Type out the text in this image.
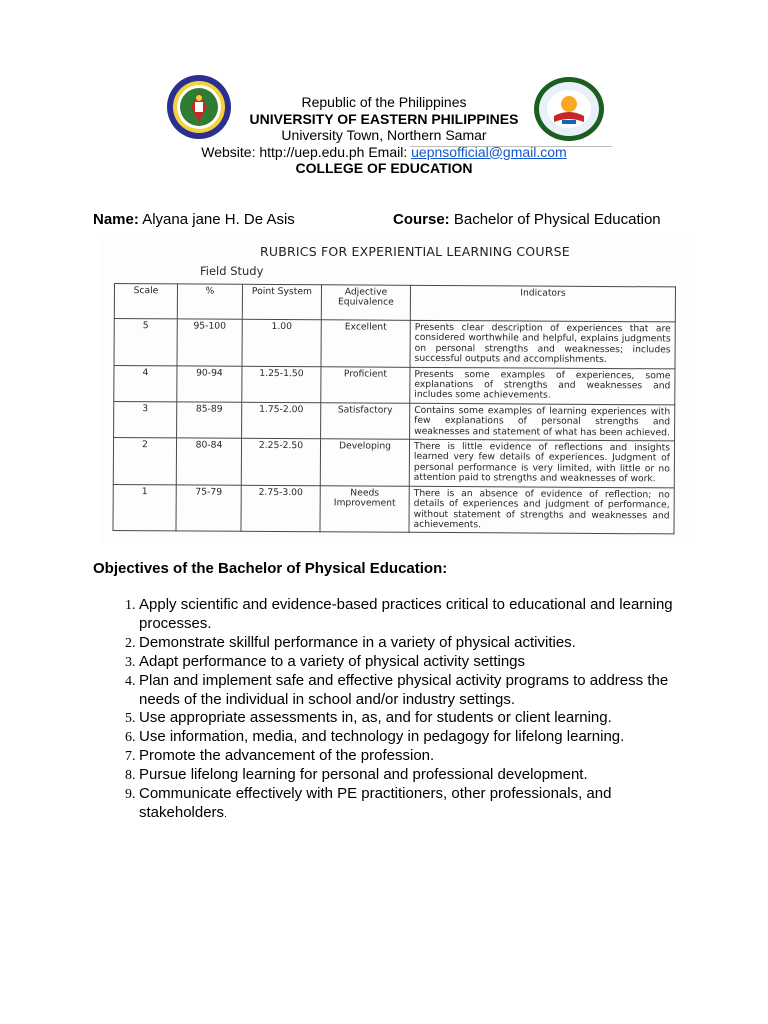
Republic of the Philippines
UNIVERSITY OF EASTERN PHILIPPINES
University Town, Northern Samar
Website: http://uep.edu.ph Email: uepnsofficial@gmail.com
COLLEGE OF EDUCATION
Name: Alyana jane H. De Asis	Course: Bachelor of Physical Education
RUBRICS FOR EXPERIENTIAL LEARNING COURSE
Field Study
Scale	%	Point System	Adjective Equivalence	Indicators
5	95-100	1.00	Excellent	Presents clear description of experiences that are considered worthwhile and helpful, explains judgments on personal strengths and weaknesses; includes successful outputs and accomplishments.
4	90-94	1.25-1.50	Proficient	Presents some examples of experiences, some explanations of strengths and weaknesses and includes some achievements.
3	85-89	1.75-2.00	Satisfactory	Contains some examples of learning experiences with few explanations of personal strengths and weaknesses and statement of what has been achieved.
2	80-84	2.25-2.50	Developing	There is little evidence of reflections and insights learned very few details of experiences. Judgment of personal performance is very limited, with little or no attention paid to strengths and weaknesses of work.
1	75-79	2.75-3.00	Needs Improvement	There is an absence of evidence of reflection; no details of experiences and judgment of performance, without statement of strengths and weaknesses and achievements.
Objectives of the Bachelor of Physical Education:
1. Apply scientific and evidence-based practices critical to educational and learning processes.
2. Demonstrate skillful performance in a variety of physical activities.
3. Adapt performance to a variety of physical activity settings
4. Plan and implement safe and effective physical activity programs to address the needs of the individual in school and/or industry settings.
5. Use appropriate assessments in, as, and for students or client learning.
6. Use information, media, and technology in pedagogy for lifelong learning.
7. Promote the advancement of the profession.
8. Pursue lifelong learning for personal and professional development.
9. Communicate effectively with PE practitioners, other professionals, and stakeholders.
